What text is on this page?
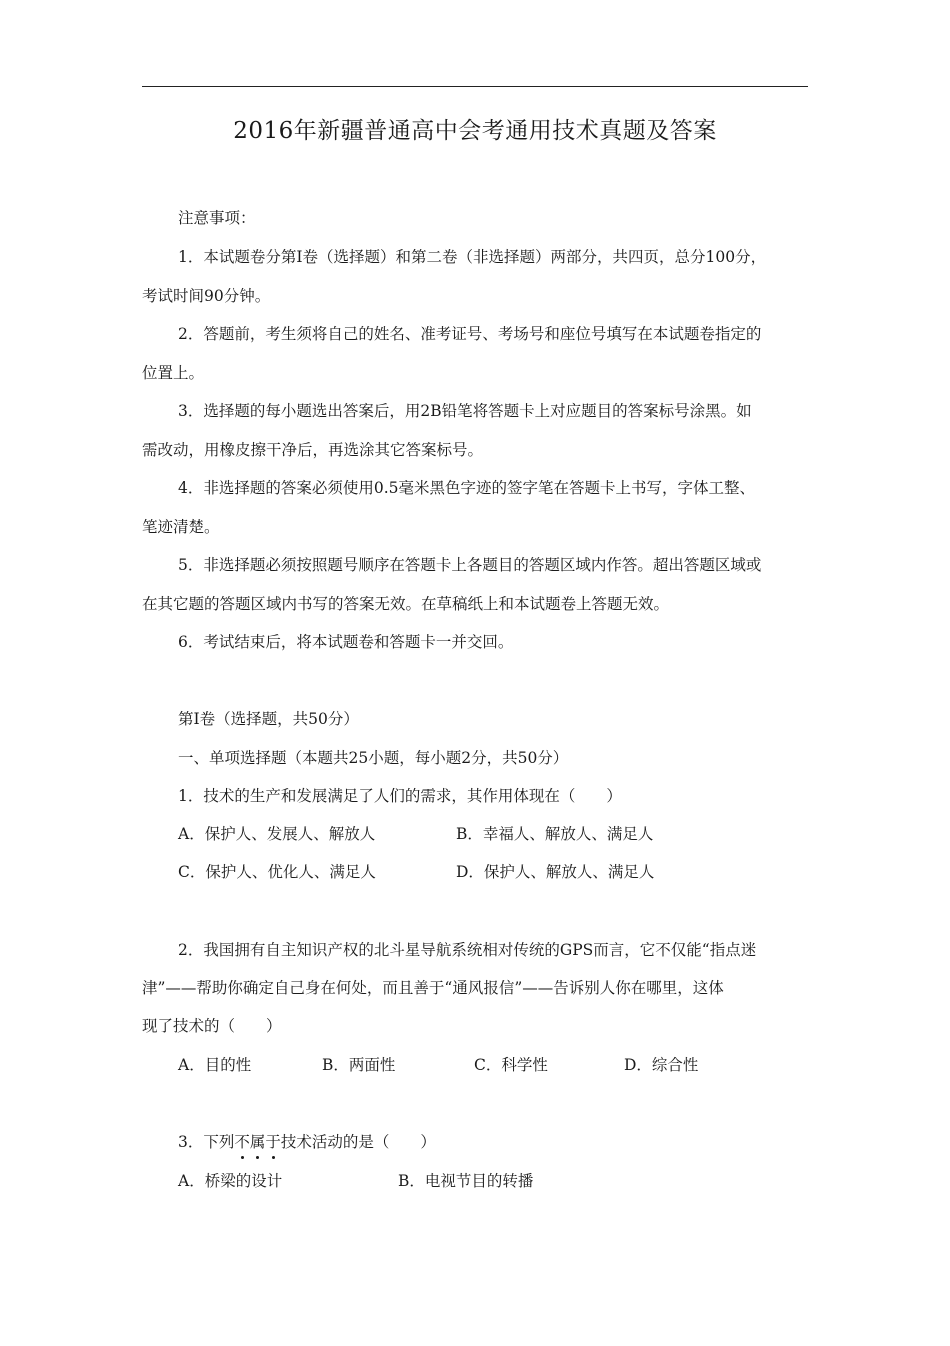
2016年新疆普通高中会考通用技术真题及答案
注意事项：
1．本试题卷分第Ⅰ卷（选择题）和第二卷（非选择题）两部分，共四页，总分100分，
考试时间90分钟。
2．答题前，考生须将自己的姓名、准考证号、考场号和座位号填写在本试题卷指定的
位置上。
3．选择题的每小题选出答案后，用2B铅笔将答题卡上对应题目的答案标号涂黑。如
需改动，用橡皮擦干净后，再选涂其它答案标号。
4．非选择题的答案必须使用0.5毫米黑色字迹的签字笔在答题卡上书写，字体工整、
笔迹清楚。
5．非选择题必须按照题号顺序在答题卡上各题目的答题区域内作答。超出答题区域或
在其它题的答题区域内书写的答案无效。在草稿纸上和本试题卷上答题无效。
6．考试结束后，将本试题卷和答题卡一并交回。
第Ⅰ卷（选择题，共50分）
一、单项选择题（本题共25小题，每小题2分，共50分）
1．技术的生产和发展满足了人们的需求，其作用体现在（　　）
A．保护人、发展人、解放人	B．幸福人、解放人、满足人
C．保护人、优化人、满足人	D．保护人、解放人、满足人
2．我国拥有自主知识产权的北斗星导航系统相对传统的GPS而言，它不仅能“指点迷
津”——帮助你确定自己身在何处，而且善于“通风报信”——告诉别人你在哪里，这体
现了技术的（　　）
A．目的性	B．两面性	C．科学性	D．综合性
3．下列不属于技术活动的是（　　）
A．桥梁的设计	B．电视节目的转播
